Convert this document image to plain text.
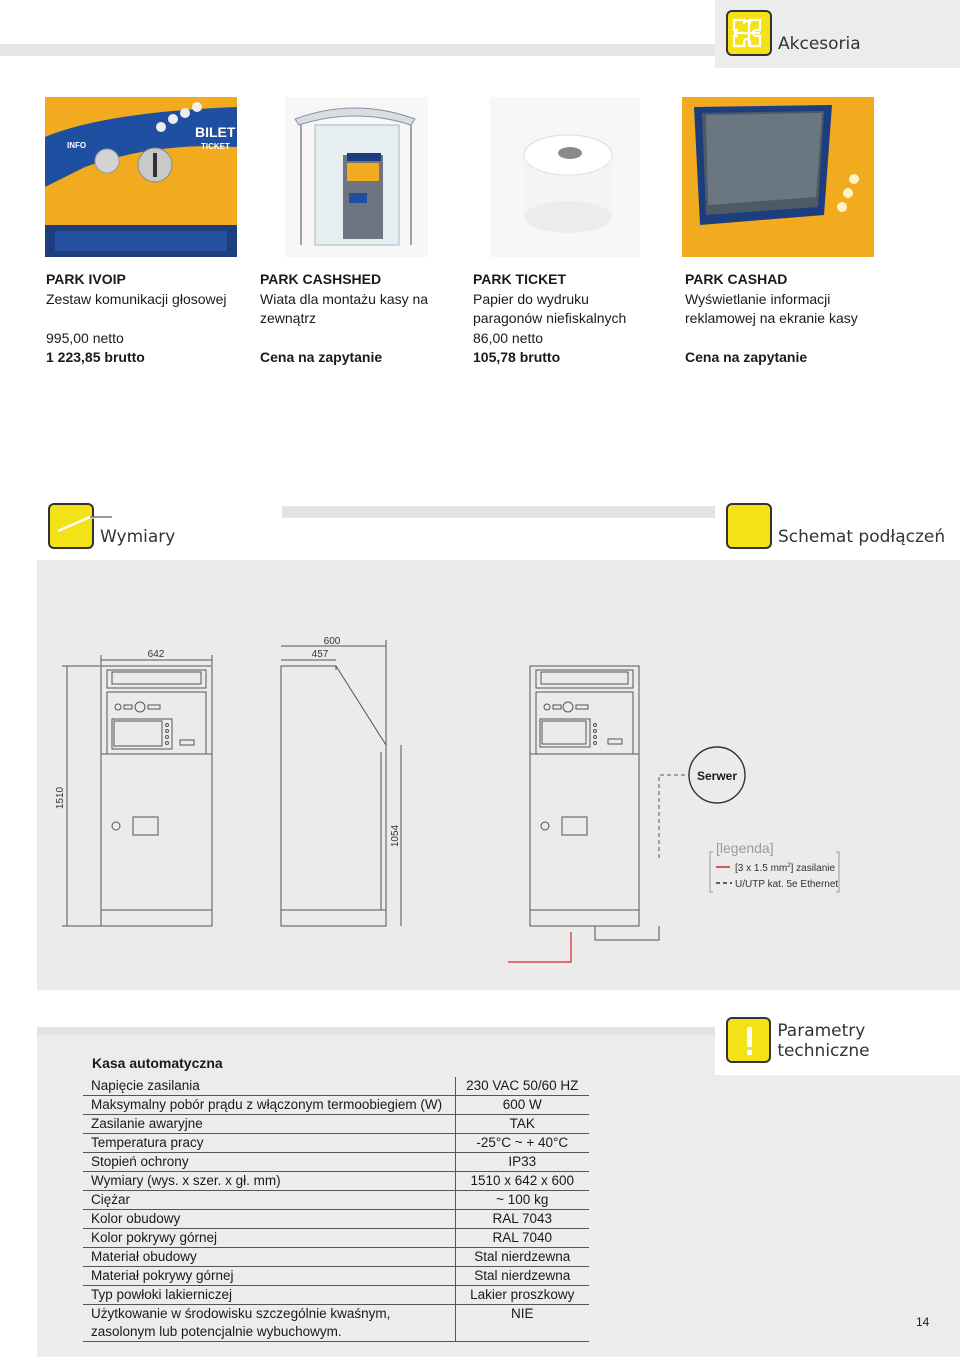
Akcesoria
INFO
BILET
TICKET
PARK IVOIP
Zestaw komunikacji głosowej
995,00 netto
1 223,85 brutto
PARK CASHSHED
Wiata dla montażu kasy na
zewnątrz
Cena na zapytanie
PARK TICKET
Papier do wydruku
paragonów niefiskalnych
86,00 netto
105,78 brutto
PARK CASHAD
Wyświetlanie informacji
reklamowej na ekranie kasy
Cena na zapytanie
Wymiary	Schemat podłączeń
642
600
457
1510
1054
Serwer
[legenda]
[3 x 1.5 $mm^2$] zasilanie
U/UTP kat. 5e Ethernet
Parametry techniczne
Kasa automatyczna
Napięcie zasilania	230 VAC 50/60 HZ
Maksymalny pobór prądu z włączonym termoobiegiem (W)	600 W
Zasilanie awaryjne	TAK
Temperatura pracy	-25°C ~ + 40°C
Stopień ochrony	IP33
Wymiary (wys. x szer. x gł. mm)	1510 x 642 x 600
Ciężar	~ 100 kg
Kolor obudowy	RAL 7043
Kolor pokrywy górnej	RAL 7040
Materiał obudowy	Stal nierdzewna
Materiał pokrywy górnej	Stal nierdzewna
Typ powłoki lakierniczej	Lakier proszkowy
Użytkowanie w środowisku szczególnie kwaśnym, zasolonym lub potencjalnie wybuchowym.	NIE
14
